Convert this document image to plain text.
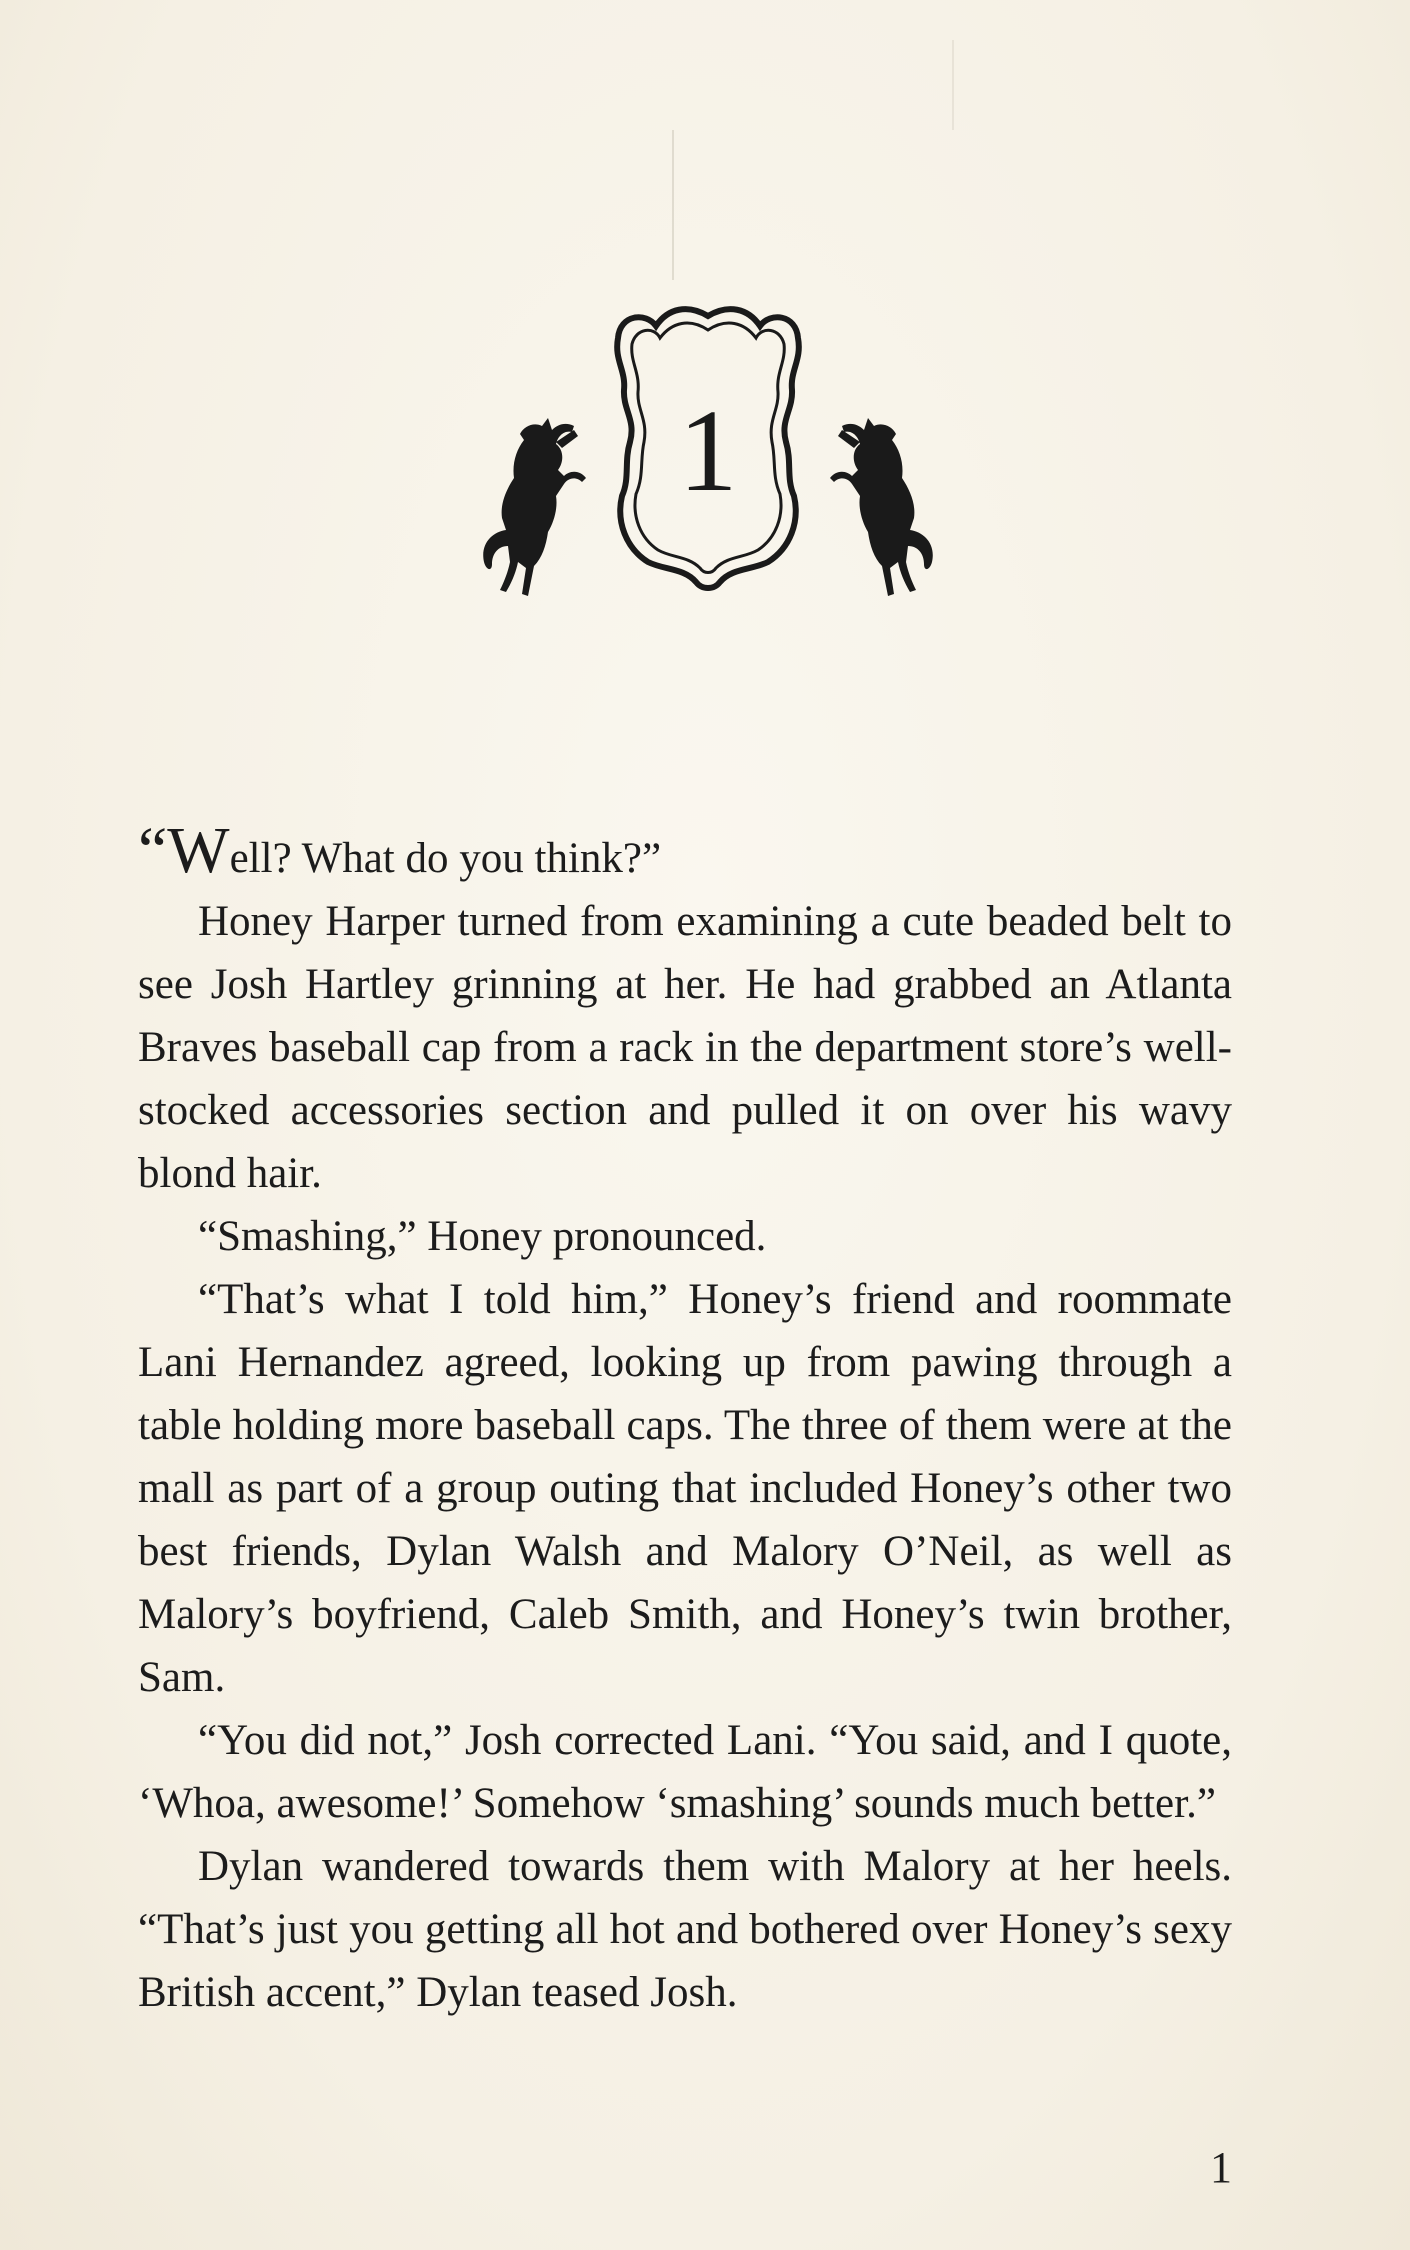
1

“Well? What do you think?”

Honey Harper turned from examining a cute beaded belt to see Josh Hartley grinning at her. He had grabbed an Atlanta Braves baseball cap from a rack in the department store’s well-stocked accessories section and pulled it on over his wavy blond hair.

“Smashing,” Honey pronounced.

“That’s what I told him,” Honey’s friend and roommate Lani Hernandez agreed, looking up from pawing through a table holding more baseball caps. The three of them were at the mall as part of a group outing that included Honey’s other two best friends, Dylan Walsh and Malory O’Neil, as well as Malory’s boyfriend, Caleb Smith, and Honey’s twin brother, Sam.

“You did not,” Josh corrected Lani. “You said, and I quote, ‘Whoa, awesome!’ Somehow ‘smashing’ sounds much better.”

Dylan wandered towards them with Malory at her heels. “That’s just you getting all hot and bothered over Honey’s sexy British accent,” Dylan teased Josh.

1
